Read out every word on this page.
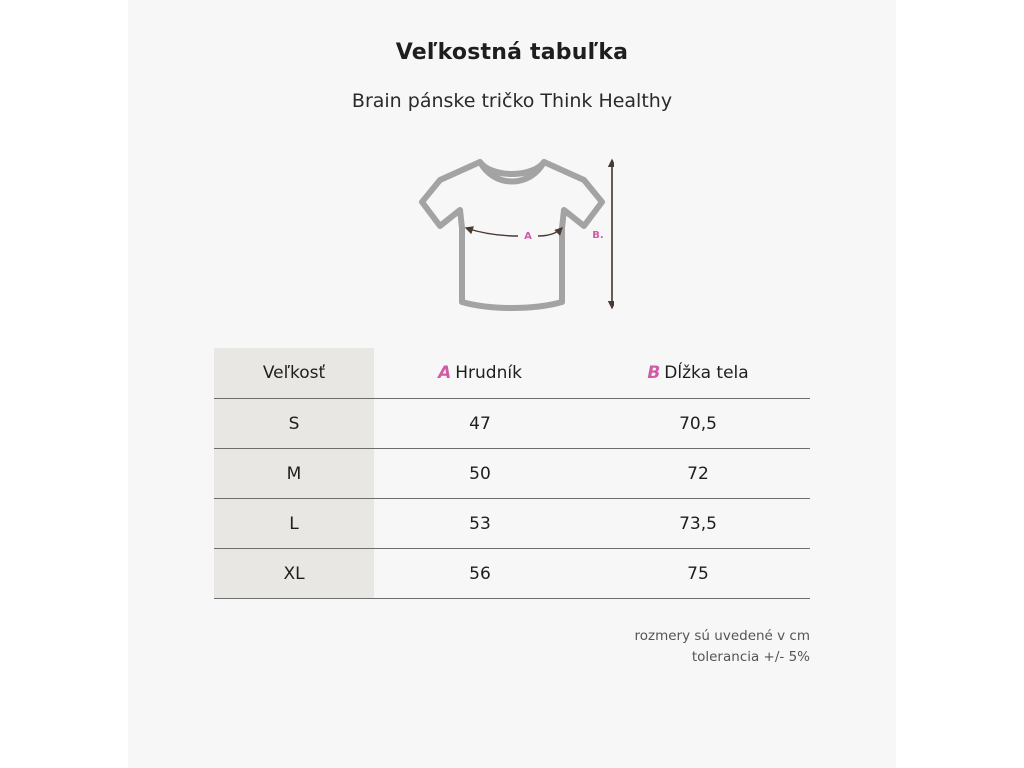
Veľkostná tabuľka
Brain pánske tričko Think Healthy
A	B.
Veľkosť	A Hrudník	B Dĺžka tela
S	47	70,5
M	50	72
L	53	73,5
XL	56	75
rozmery sú uvedené v cm
tolerancia +/- 5%
